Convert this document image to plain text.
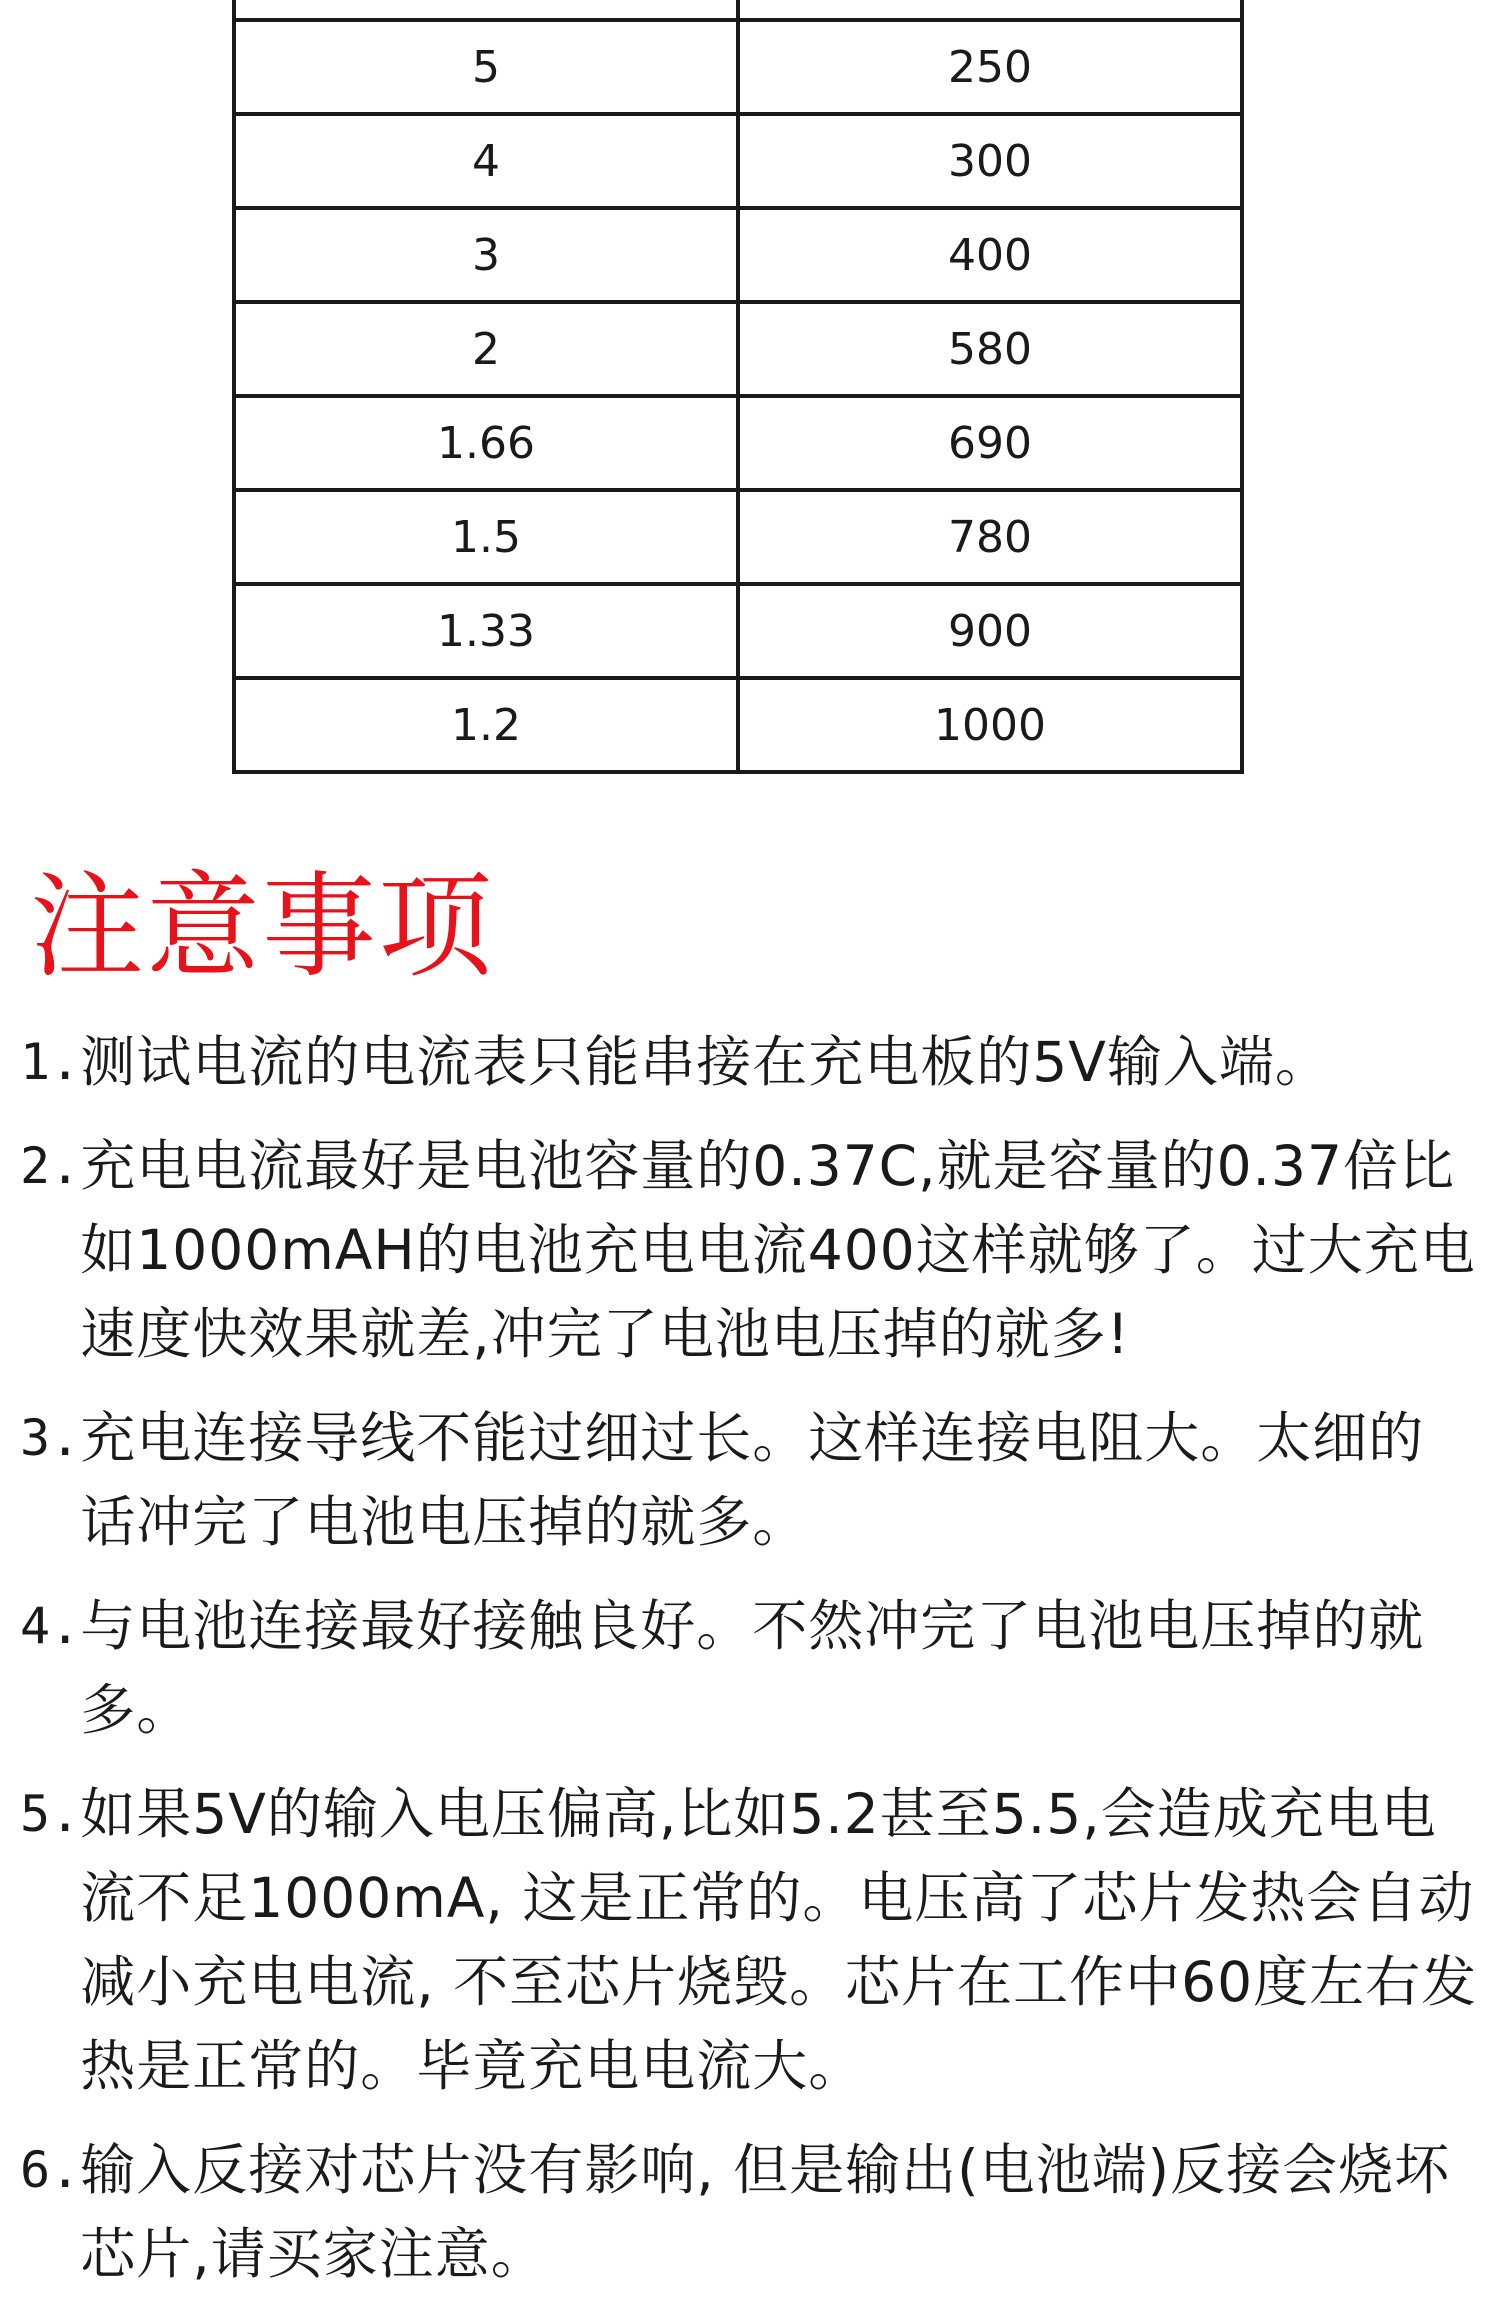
5	250
4	300
3	400
2	580
1.66	690
1.5	780
1.33	900
1.2	1000
注意事项
1. 测试电流的电流表只能串接在充电板的5V输入端。
2. 充电电流最好是电池容量的0.37C,就是容量的0.37倍比如1000mAH的电池充电电流400这样就够了。过大充电速度快效果就差,冲完了电池电压掉的就多!
3. 充电连接导线不能过细过长。这样连接电阻大。太细的话冲完了电池电压掉的就多。
4. 与电池连接最好接触良好。不然冲完了电池电压掉的就多。
5. 如果5V的输入电压偏高,比如5.2甚至5.5,会造成充电电流不足1000mA, 这是正常的。电压高了芯片发热会自动减小充电电流, 不至芯片烧毁。芯片在工作中60度左右发热是正常的。毕竟充电电流大。
6. 输入反接对芯片没有影响, 但是输出(电池端)反接会烧坏芯片,请买家注意。
